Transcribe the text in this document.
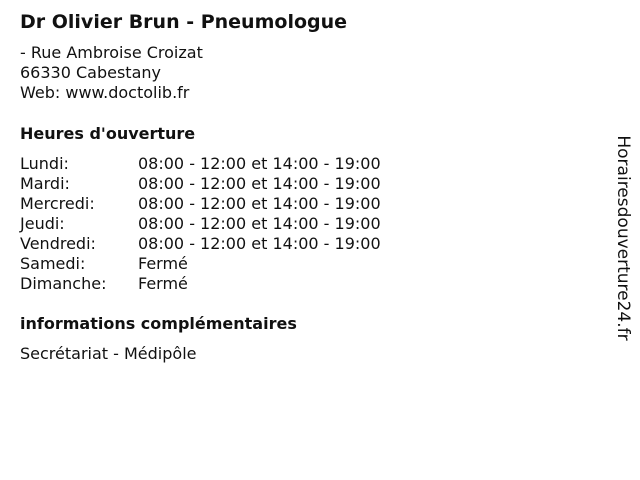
Dr Olivier Brun - Pneumologue
- Rue Ambroise Croizat
66330 Cabestany
Web: www.doctolib.fr
Heures d'ouverture
Lundi:	08:00 - 12:00 et 14:00 - 19:00
Mardi:	08:00 - 12:00 et 14:00 - 19:00
Mercredi:	08:00 - 12:00 et 14:00 - 19:00
Jeudi:	08:00 - 12:00 et 14:00 - 19:00
Vendredi:	08:00 - 12:00 et 14:00 - 19:00
Samedi:	Fermé
Dimanche: Fermé
informations complémentaires
Secrétariat - Médipôle
Horairesdouverture24.fr
